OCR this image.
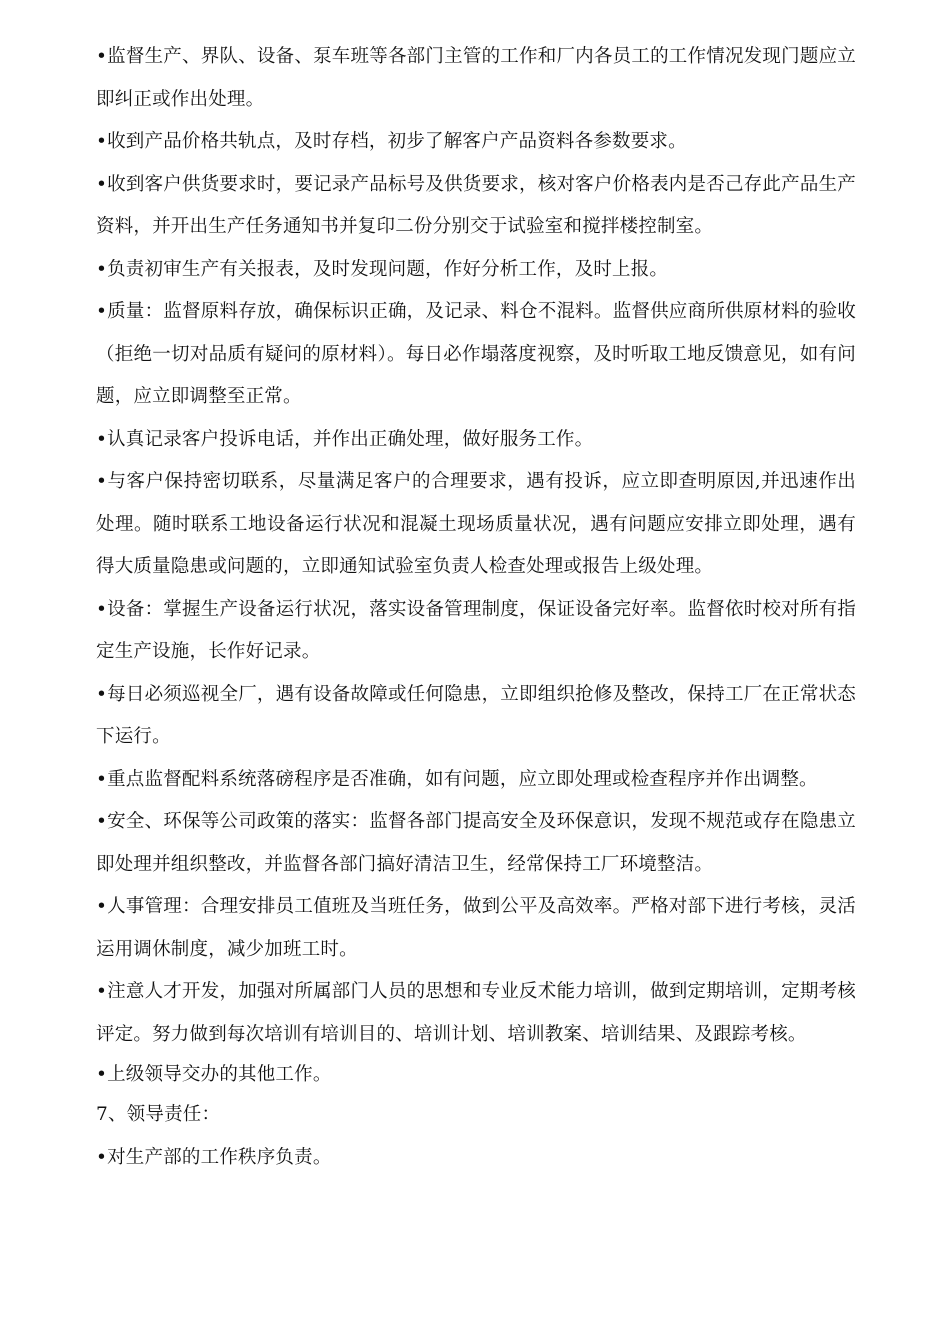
•监督生产、界队、设备、泵车班等各部门主管的工作和厂内各员工的工作情况发现门题应立即纠正或作出处理。

•收到产品价格共轨点，及时存档，初步了解客户产品资料各参数要求。

•收到客户供货要求时，要记录产品标号及供货要求，核对客户价格表内是否己存此产品生产资料，并开出生产任务通知书并复印二份分别交于试验室和搅拌楼控制室。

•负责初审生产有关报表，及时发现问题，作好分析工作，及时上报。

•质量：监督原料存放，确保标识正确，及记录、料仓不混料。监督供应商所供原材料的验收（拒绝一切对品质有疑问的原材料）。每日必作塌落度视察，及时听取工地反馈意见，如有问题，应立即调整至正常。

•认真记录客户投诉电话，并作出正确处理，做好服务工作。

•与客户保持密切联系，尽量满足客户的合理要求，遇有投诉，应立即查明原因,并迅速作出处理。随时联系工地设备运行状况和混凝土现场质量状况，遇有问题应安排立即处理，遇有得大质量隐患或问题的，立即通知试验室负责人检查处理或报告上级处理。

•设备：掌握生产设备运行状况，落实设备管理制度，保证设备完好率。监督依时校对所有指定生产设施，长作好记录。

•每日必须巡视全厂，遇有设备故障或任何隐患，立即组织抢修及整改，保持工厂在正常状态下运行。

•重点监督配料系统落磅程序是否准确，如有问题，应立即处理或检查程序并作出调整。

•安全、环保等公司政策的落实：监督各部门提高安全及环保意识，发现不规范或存在隐患立即处理并组织整改，并监督各部门搞好清洁卫生，经常保持工厂环境整洁。

•人事管理：合理安排员工值班及当班任务，做到公平及高效率。严格对部下进行考核，灵活运用调休制度，减少加班工时。

•注意人才开发，加强对所属部门人员的思想和专业反术能力培训，做到定期培训，定期考核评定。努力做到每次培训有培训目的、培训计划、培训教案、培训结果、及跟踪考核。

•上级领导交办的其他工作。

7、领导责任：

•对生产部的工作秩序负责。
